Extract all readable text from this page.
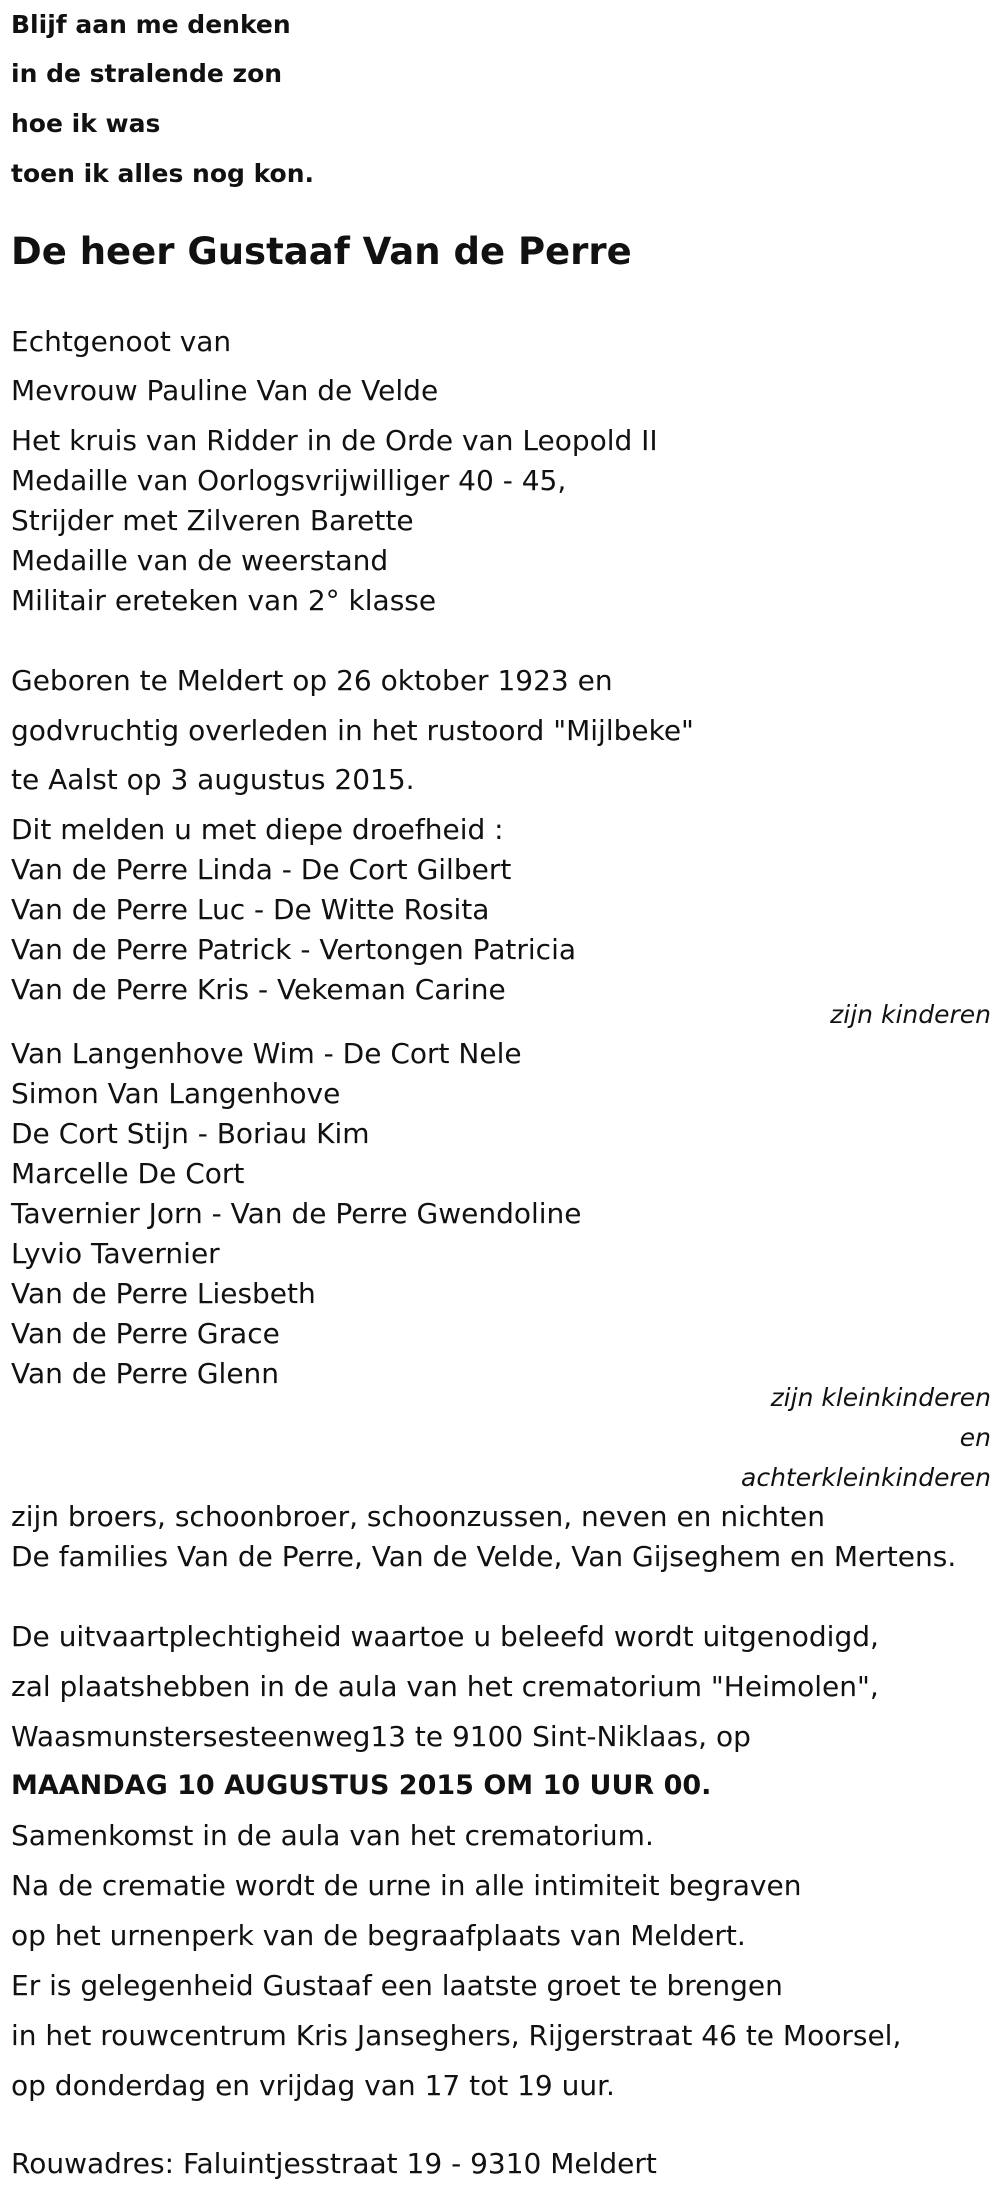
Blijf aan me denken
in de stralende zon
hoe ik was
toen ik alles nog kon.
De heer Gustaaf Van de Perre
Echtgenoot van
Mevrouw Pauline Van de Velde
Het kruis van Ridder in de Orde van Leopold II
Medaille van Oorlogsvrijwilliger 40 - 45,
Strijder met Zilveren Barette
Medaille van de weerstand
Militair ereteken van 2° klasse
Geboren te Meldert op 26 oktober 1923 en
godvruchtig overleden in het rustoord "Mijlbeke"
te Aalst op 3 augustus 2015.
Dit melden u met diepe droefheid :
Van de Perre Linda - De Cort Gilbert
Van de Perre Luc - De Witte Rosita
Van de Perre Patrick - Vertongen Patricia
Van de Perre Kris - Vekeman Carine
zijn kinderen
Van Langenhove Wim - De Cort Nele
Simon Van Langenhove
De Cort Stijn - Boriau Kim
Marcelle De Cort
Tavernier Jorn - Van de Perre Gwendoline
Lyvio Tavernier
Van de Perre Liesbeth
Van de Perre Grace
Van de Perre Glenn
zijn kleinkinderen
en
achterkleinkinderen
zijn broers, schoonbroer, schoonzussen, neven en nichten
De families Van de Perre, Van de Velde, Van Gijseghem en Mertens.
De uitvaartplechtigheid waartoe u beleefd wordt uitgenodigd,
zal plaatshebben in de aula van het crematorium "Heimolen",
Waasmunstersesteenweg13 te 9100 Sint-Niklaas, op
MAANDAG 10 AUGUSTUS 2015 OM 10 UUR 00.
Samenkomst in de aula van het crematorium.
Na de crematie wordt de urne in alle intimiteit begraven
op het urnenperk van de begraafplaats van Meldert.
Er is gelegenheid Gustaaf een laatste groet te brengen
in het rouwcentrum Kris Janseghers, Rijgerstraat 46 te Moorsel,
op donderdag en vrijdag van 17 tot 19 uur.
Rouwadres: Faluintjesstraat 19 - 9310 Meldert
